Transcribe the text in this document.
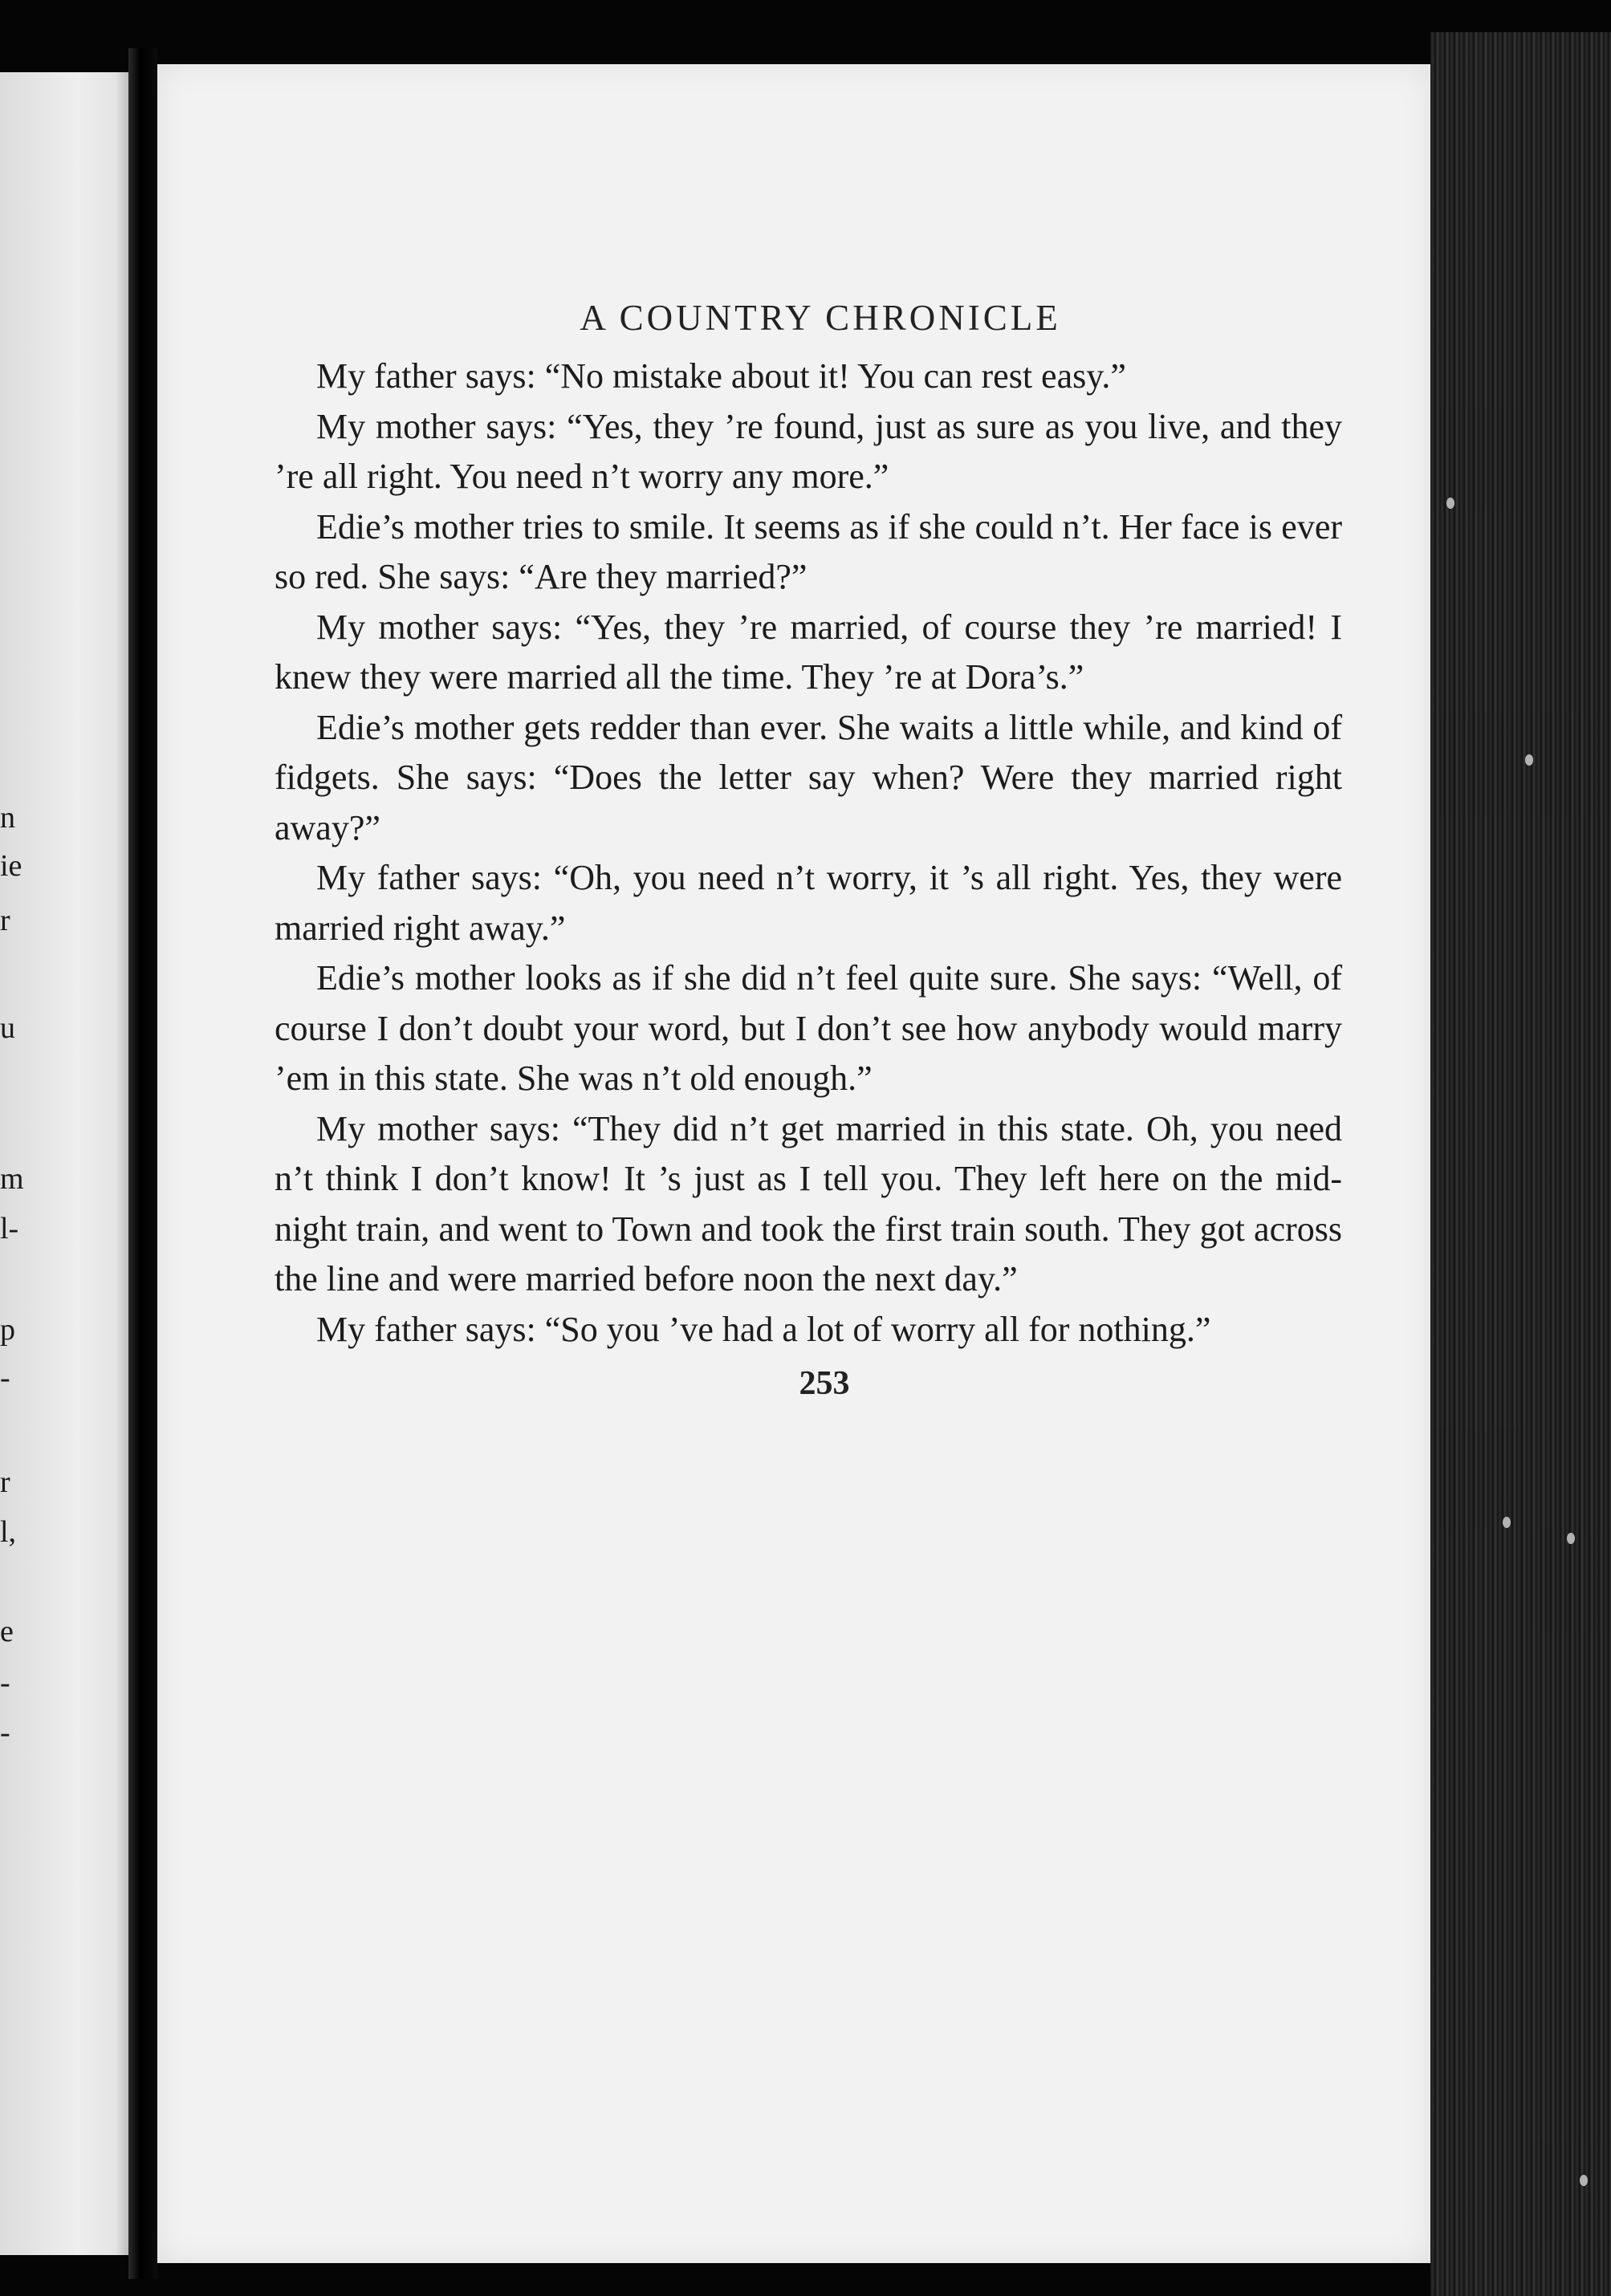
n
ie
r
u
m
l-
p
-
r
l,
e
-
-
A COUNTRY CHRONICLE

My father says: “No mistake about it! You can rest easy.”

My mother says: “Yes, they ’re found, just as sure as you live, and they ’re all right. You need n’t worry any more.”

Edie’s mother tries to smile. It seems as if she could n’t. Her face is ever so red. She says: “Are they married?”

My mother says: “Yes, they ’re married, of course they ’re married! I knew they were married all the time. They ’re at Dora’s.”

Edie’s mother gets redder than ever. She waits a little while, and kind of fidgets. She says: “Does the letter say when? Were they married right away?”

My father says: “Oh, you need n’t worry, it ’s all right. Yes, they were married right away.”

Edie’s mother looks as if she did n’t feel quite sure. She says: “Well, of course I don’t doubt your word, but I don’t see how anybody would marry ’em in this state. She was n’t old enough.”

My mother says: “They did n’t get married in this state. Oh, you need n’t think I don’t know! It ’s just as I tell you. They left here on the mid-night train, and went to Town and took the first train south. They got across the line and were married before noon the next day.”

My father says: “So you ’ve had a lot of worry all for nothing.”

253
